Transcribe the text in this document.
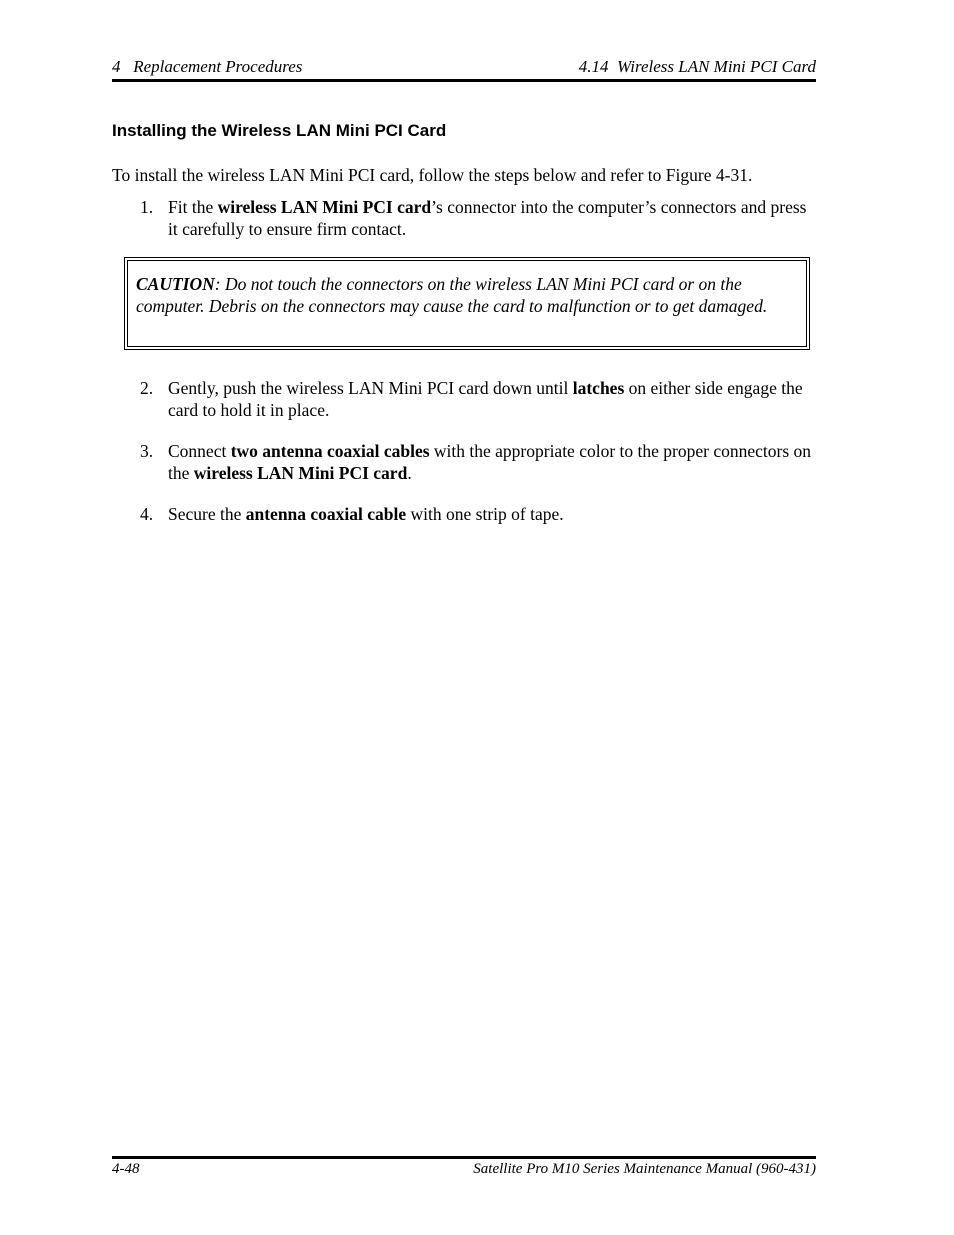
4   Replacement Procedures	4.14  Wireless LAN Mini PCI Card
Installing the Wireless LAN Mini PCI Card
To install the wireless LAN Mini PCI card, follow the steps below and refer to Figure 4-31.
1. Fit the wireless LAN Mini PCI card’s connector into the computer’s connectors and press it carefully to ensure firm contact.
CAUTION: Do not touch the connectors on the wireless LAN Mini PCI card or on the computer. Debris on the connectors may cause the card to malfunction or to get damaged.
2. Gently, push the wireless LAN Mini PCI card down until latches on either side engage the card to hold it in place.
3. Connect two antenna coaxial cables with the appropriate color to the proper connectors on the wireless LAN Mini PCI card.
4. Secure the antenna coaxial cable with one strip of tape.
4-48	Satellite Pro M10 Series Maintenance Manual (960-431)
